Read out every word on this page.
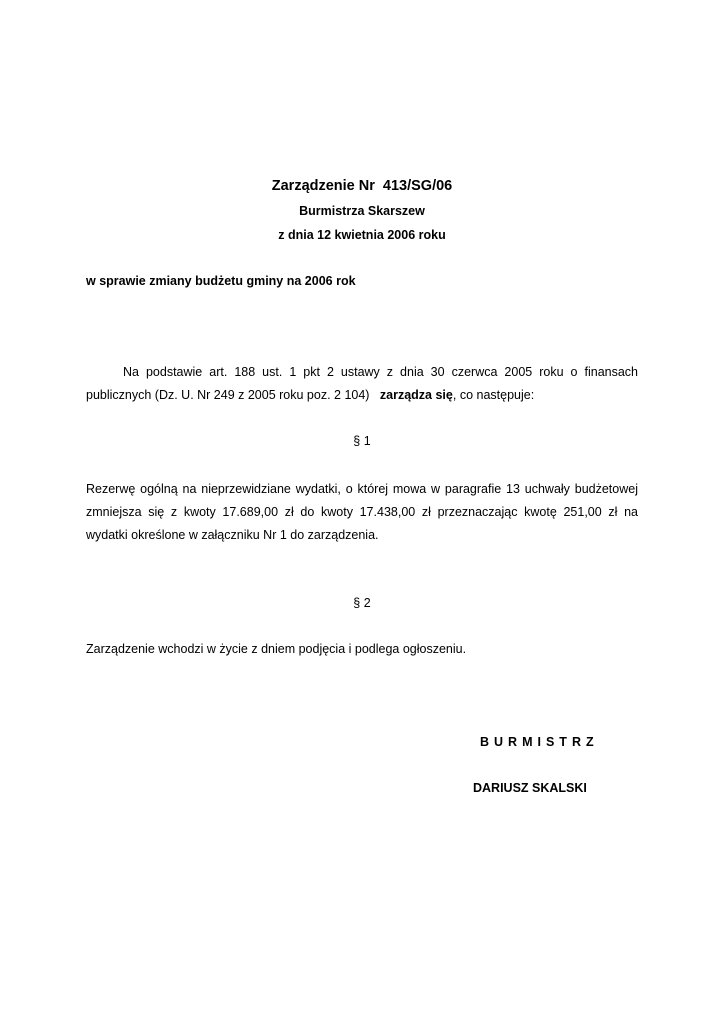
Zarządzenie Nr 413/SG/06
Burmistrza Skarszew
z dnia 12 kwietnia 2006 roku
w sprawie zmiany budżetu gminy na 2006 rok
Na podstawie art. 188 ust. 1 pkt 2 ustawy z dnia 30 czerwca 2005 roku o finansach publicznych (Dz. U. Nr 249 z 2005 roku poz. 2 104) zarządza się, co następuje:
§ 1
Rezerwę ogólną na nieprzewidziane wydatki, o której mowa w paragrafie 13 uchwały budżetowej zmniejsza się z kwoty 17.689,00 zł do kwoty 17.438,00 zł przeznaczając kwotę 251,00 zł na wydatki określone w załączniku Nr 1 do zarządzenia.
§ 2
Zarządzenie wchodzi w życie z dniem podjęcia i podlega ogłoszeniu.
BURMISTRZ
DARIUSZ SKALSKI
